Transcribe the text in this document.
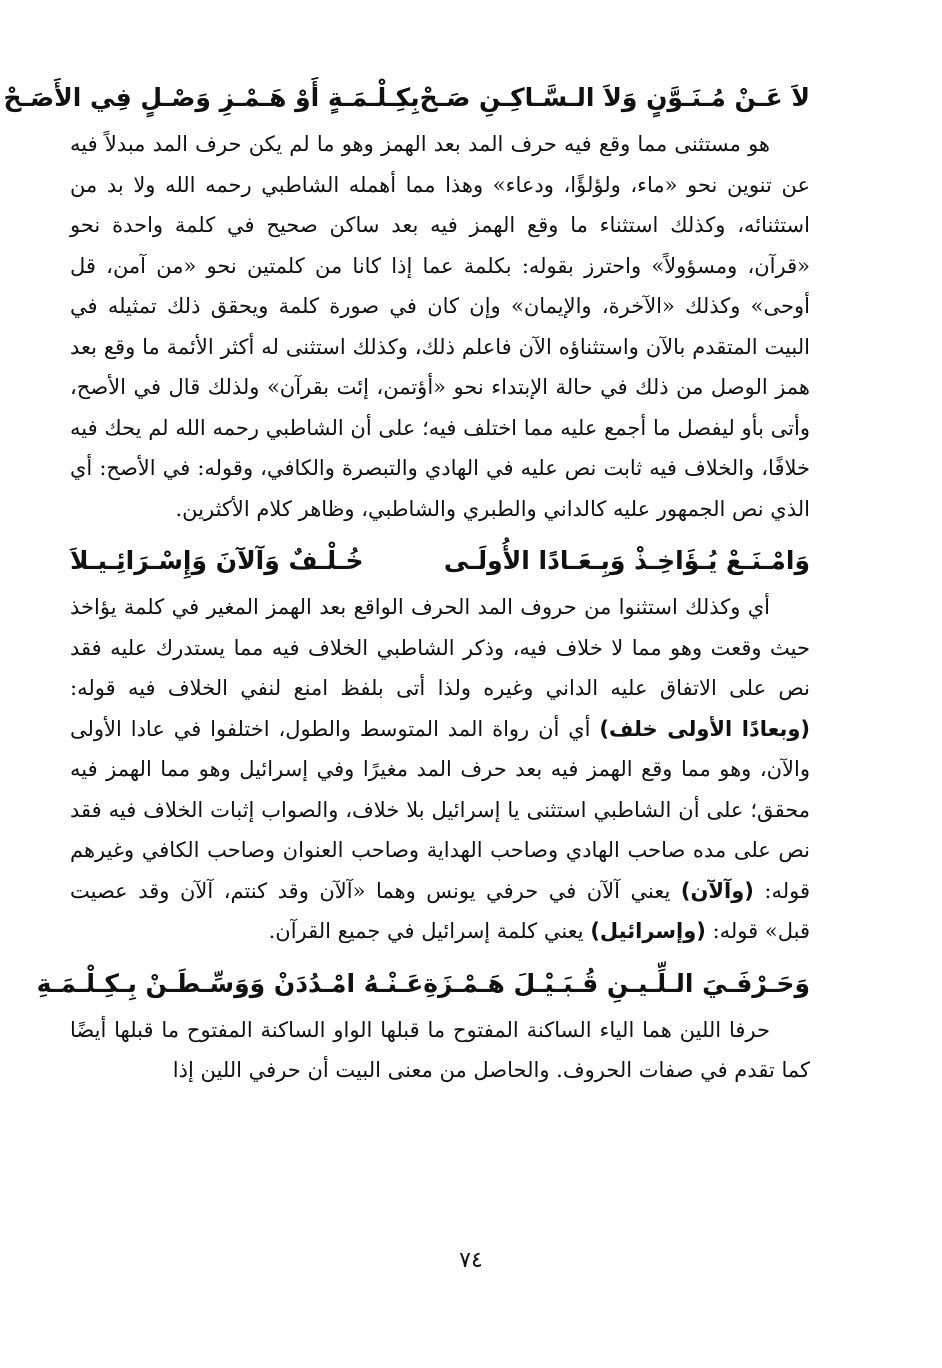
لاَ عَـنْ مُـنَـوَّنٍ وَلاَ الـسَّـاكِـنِ صَـحْ
بِكِـلْـمَـةٍ أَوْ هَـمْـزِ وَصْـلٍ فِي الأَصَـحْ

هو مستثنى مما وقع فيه حرف المد بعد الهمز وهو ما لم يكن حرف المد مبدلاً فيه عن تنوين نحو «ماء، ولؤلؤًا، ودعاء» وهذا مما أهمله الشاطبي رحمه الله ولا بد من استثنائه، وكذلك استثناء ما وقع الهمز فيه بعد ساكن صحيح في كلمة واحدة نحو «قرآن، ومسؤولاً» واحترز بقوله: بكلمة عما إذا كانا من كلمتين نحو «من آمن، قل أوحى» وكذلك «الآخرة، والإيمان» وإن كان في صورة كلمة ويحقق ذلك تمثيله في البيت المتقدم بالآن واستثناؤه الآن فاعلم ذلك، وكذلك استثنى له أكثر الأئمة ما وقع بعد همز الوصل من ذلك في حالة الإبتداء نحو «أؤتمن، إئت بقرآن» ولذلك قال في الأصح، وأتى بأو ليفصل ما أجمع عليه مما اختلف فيه؛ على أن الشاطبي رحمه الله لم يحك فيه خلافًا، والخلاف فيه ثابت نص عليه في الهادي والتبصرة والكافي، وقوله: في الأصح: أي الذي نص الجمهور عليه كالداني والطبري والشاطبي، وظاهر كلام الأكثرين.

وَامْـنَـعْ يُـؤَاخِـذْ وَبِـعَـادًا الأُولَـى
خُـلْـفٌ وَآلآنَ وَإِسْـرَائِـيـلاَ

أي وكذلك استثنوا من حروف المد الحرف الواقع بعد الهمز المغير في كلمة يؤاخذ حيث وقعت وهو مما لا خلاف فيه، وذكر الشاطبي الخلاف فيه مما يستدرك عليه فقد نص على الاتفاق عليه الداني وغيره ولذا أتى بلفظ امنع لنفي الخلاف فيه قوله: (وبعادًا الأولى خلف) أي أن رواة المد المتوسط والطول، اختلفوا في عادا الأولى والآن، وهو مما وقع الهمز فيه بعد حرف المد مغيرًا وفي إسرائيل وهو مما الهمز فيه محقق؛ على أن الشاطبي استثنى يا إسرائيل بلا خلاف، والصواب إثبات الخلاف فيه فقد نص على مده صاحب الهادي وصاحب الهداية وصاحب العنوان وصاحب الكافي وغيرهم قوله: (وآلآن) يعني آلآن في حرفي يونس وهما «آلآن وقد كنتم، آلآن وقد عصيت قبل» قوله: (وإسرائيل) يعني كلمة إسرائيل في جميع القرآن.

وَحَـرْفَـيَ الـلِّـيـنِ قُـبَـيْـلَ هَـمْـزَةِ
عَـنْـهُ امْـدُدَنْ وَوَسِّـطَـنْ بِـكِـلْـمَـةِ

حرفا اللين هما الياء الساكنة المفتوح ما قبلها الواو الساكنة المفتوح ما قبلها أيضًا كما تقدم في صفات الحروف. والحاصل من معنى البيت أن حرفي اللين إذا

٧٤
